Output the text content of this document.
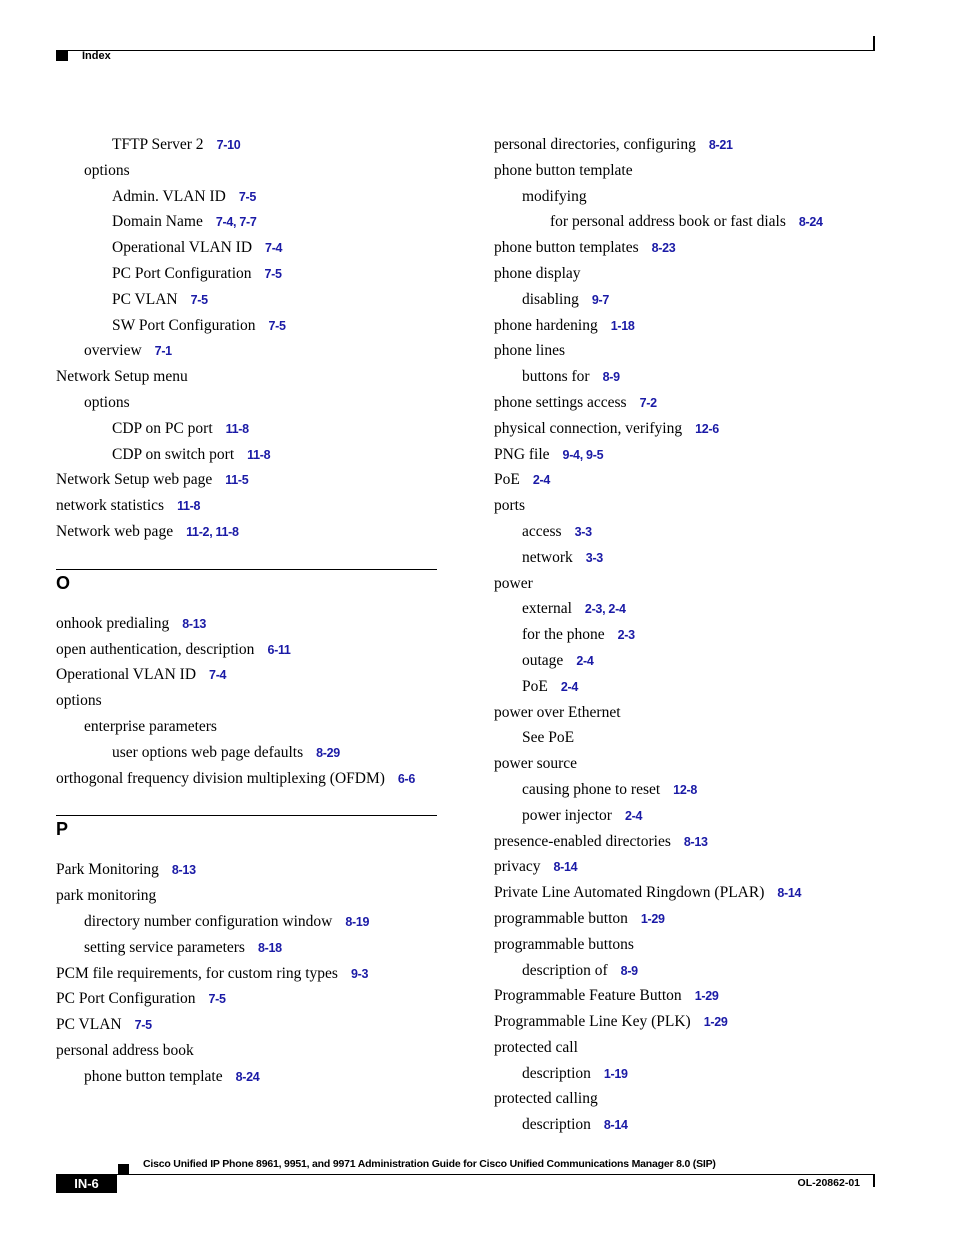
Index
TFTP Server 2 7-10
options
Admin. VLAN ID 7-5
Domain Name 7-4, 7-7
Operational VLAN ID 7-4
PC Port Configuration 7-5
PC VLAN 7-5
SW Port Configuration 7-5
overview 7-1
Network Setup menu
options
CDP on PC port 11-8
CDP on switch port 11-8
Network Setup web page 11-5
network statistics 11-8
Network web page 11-2, 11-8
O
onhook predialing 8-13
open authentication, description 6-11
Operational VLAN ID 7-4
options
enterprise parameters
user options web page defaults 8-29
orthogonal frequency division multiplexing (OFDM) 6-6
P
Park Monitoring 8-13
park monitoring
directory number configuration window 8-19
setting service parameters 8-18
PCM file requirements, for custom ring types 9-3
PC Port Configuration 7-5
PC VLAN 7-5
personal address book
phone button template 8-24
personal directories, configuring 8-21
phone button template
modifying
for personal address book or fast dials 8-24
phone button templates 8-23
phone display
disabling 9-7
phone hardening 1-18
phone lines
buttons for 8-9
phone settings access 7-2
physical connection, verifying 12-6
PNG file 9-4, 9-5
PoE 2-4
ports
access 3-3
network 3-3
power
external 2-3, 2-4
for the phone 2-3
outage 2-4
PoE 2-4
power over Ethernet
See PoE
power source
causing phone to reset 12-8
power injector 2-4
presence-enabled directories 8-13
privacy 8-14
Private Line Automated Ringdown (PLAR) 8-14
programmable button 1-29
programmable buttons
description of 8-9
Programmable Feature Button 1-29
Programmable Line Key (PLK) 1-29
protected call
description 1-19
protected calling
description 8-14
Cisco Unified IP Phone 8961, 9951, and 9971 Administration Guide for Cisco Unified Communications Manager 8.0 (SIP)
IN-6	OL-20862-01
